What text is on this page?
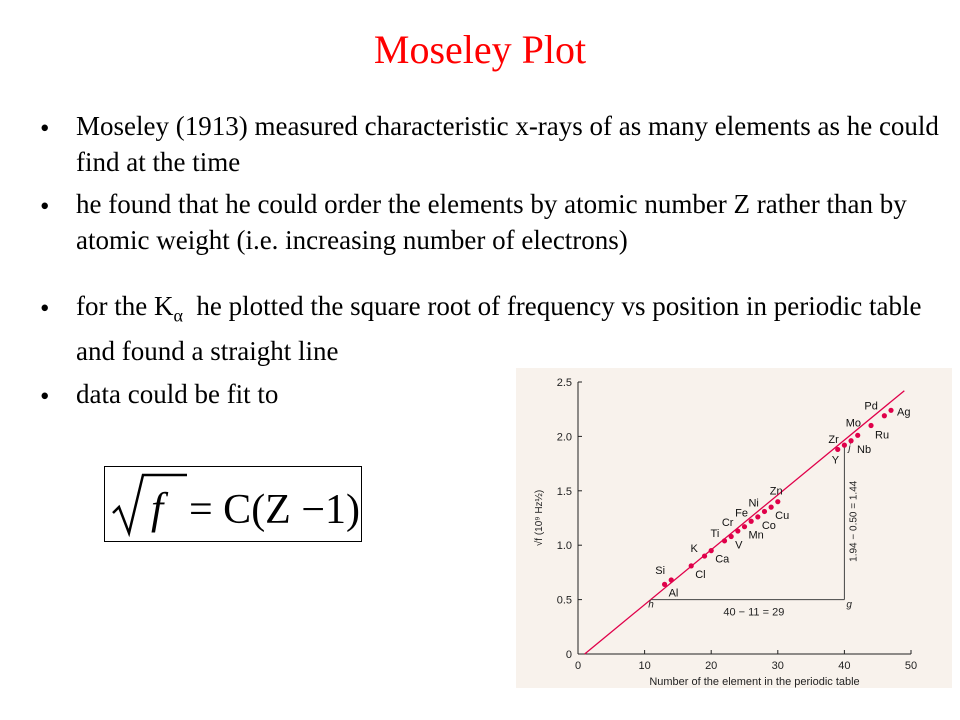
Moseley Plot
• Moseley (1913) measured characteristic x-rays of as many elements as he could find at the time
• he found that he could order the elements by atomic number Z rather than by atomic weight (i.e. increasing number of electrons)
• for the $K_\alpha$ he plotted the square root of frequency vs position in periodic table and found a straight line
• data could be fit to
f = C(Z −1)
0	10	20	30	40	50
0
0.5
1.0
1.5
2.0
2.5
Number of the element in the periodic table
√f (10⁹ Hz½)
40 − 11 = 29
1.94 − 0.50 = 1.44
h	g
j
Al
Si	Cl
K
Ca
Ti
V
Cr
Mn
Fe
Co
Ni
Cu
Zn
Y
Zr
Nb
Mo
Ru
Pd Ag
